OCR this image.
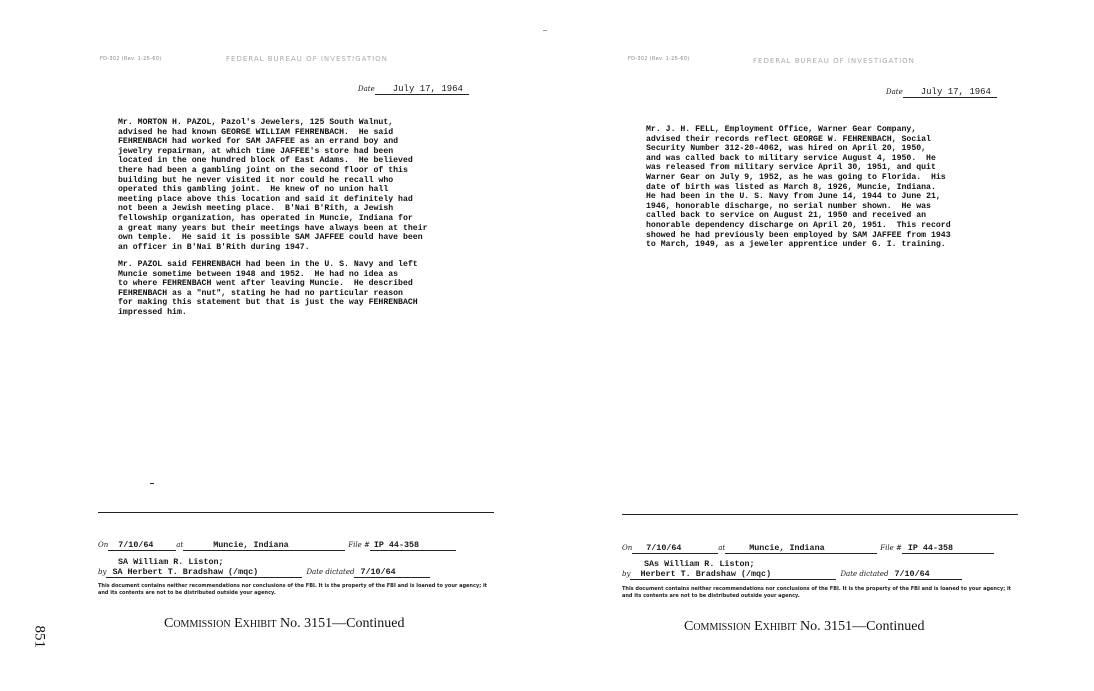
FD-302 (Rev. 1-25-60)	FEDERAL BUREAU OF INVESTIGATION
Date July 17, 1964
Mr. MORTON H. PAZOL, Pazol's Jewelers, 125 South Walnut,
advised he had known GEORGE WILLIAM FEHRENBACH.  He said
FEHRENBACH had worked for SAM JAFFEE as an errand boy and
jewelry repairman, at which time JAFFEE's store had been
located in the one hundred block of East Adams.  He believed
there had been a gambling joint on the second floor of this
building but he never visited it nor could he recall who
operated this gambling joint.  He knew of no union hall
meeting place above this location and said it definitely had
not been a Jewish meeting place.  B'Nai B'Rith, a Jewish
fellowship organization, has operated in Muncie, Indiana for
a great many years but their meetings have always been at their
own temple.  He said it is possible SAM JAFFEE could have been
an officer in B'Nai B'Rith during 1947.
Mr. PAZOL said FEHRENBACH had been in the U. S. Navy and left
Muncie sometime between 1948 and 1952.  He had no idea as
to where FEHRENBACH went after leaving Muncie.  He described
FEHRENBACH as a "nut", stating he had no particular reason
for making this statement but that is just the way FEHRENBACH
impressed him.
On 7/10/64	at	Muncie, Indiana	File # IP 44-358
SA William R. Liston;
by SA Herbert T. Bradshaw (/mqc)	Date dictated 7/10/64
This document contains neither recommendations nor conclusions of the FBI. It is the property of the FBI and is loaned to your agency; it and its contents are not to be distributed outside your agency.
Commission Exhibit No. 3151—Continued
851
FD-302 (Rev. 1-25-60)	FEDERAL BUREAU OF INVESTIGATION
Date July 17, 1964
Mr. J. H. FELL, Employment Office, Warner Gear Company,
advised their records reflect GEORGE W. FEHRENBACH, Social
Security Number 312-20-4062, was hired on April 20, 1950,
and was called back to military service August 4, 1950.  He
was released from military service April 30, 1951, and quit
Warner Gear on July 9, 1952, as he was going to Florida.  His
date of birth was listed as March 8, 1926, Muncie, Indiana.
He had been in the U. S. Navy from June 14, 1944 to June 21,
1946, honorable discharge, no serial number shown.  He was
called back to service on August 21, 1950 and received an
honorable dependency discharge on April 20, 1951.  This record
showed he had previously been employed by SAM JAFFEE from 1943
to March, 1949, as a jeweler apprentice under G. I. training.
On 7/10/64	at	Muncie, Indiana	File # IP 44-358
SAs William R. Liston;
by Herbert T. Bradshaw (/mqc)	Date dictated 7/10/64
This document contains neither recommendations nor conclusions of the FBI. It is the property of the FBI and is loaned to your agency; it and its contents are not to be distributed outside your agency.
Commission Exhibit No. 3151—Continued
